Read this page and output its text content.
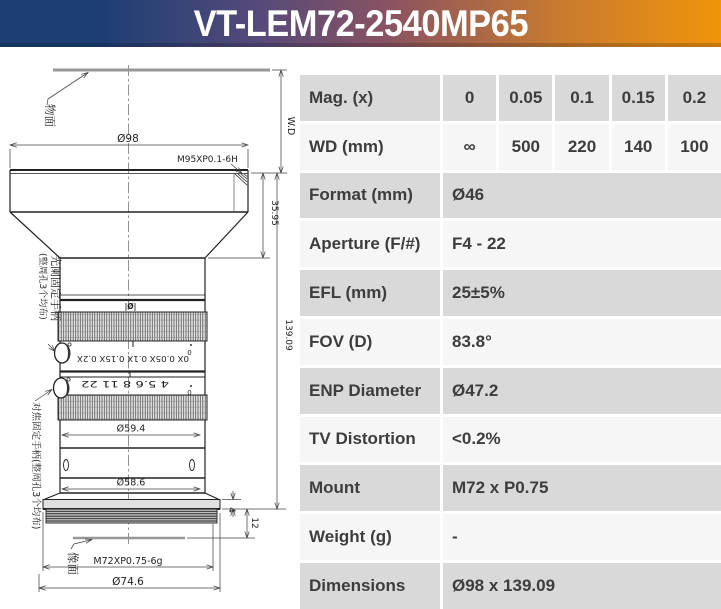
VT-LEM72-2540MP65
Ø98
M95XP0.1-6H
W.D
35.95
139.09
4
12
Ø59.4
Ø58.6
M72XP0.75-6g
Ø74.6
0X 0.05X 0.1X 0.15X 0.2X
4 5.6 8 11 22
0
0
|Ø|
物面
像面
光阑固定手柄
(整周孔3个均布)
对焦固定手柄(整周孔3个均布)
Mag. (x)	0	0.05	0.1	0.15	0.2
WD (mm)	∞	500	220	140	100
Format (mm)	Ø46
Aperture (F/#)	F4 - 22
EFL (mm)	25±5%
FOV (D)	83.8°
ENP Diameter	Ø47.2
TV Distortion	<0.2%
Mount	M72 x P0.75
Weight (g)	-
Dimensions	Ø98 x 139.09
